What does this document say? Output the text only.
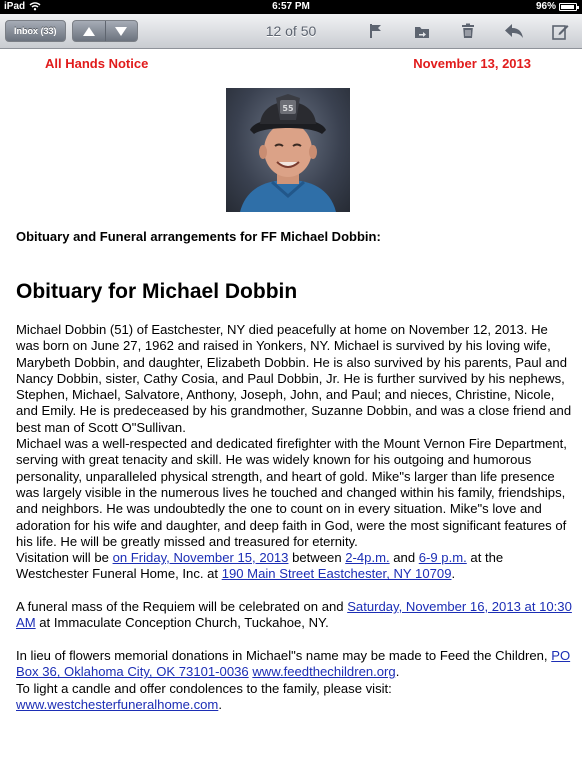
iPad	6:57 PM	96%
Inbox (33)	12 of 50
All Hands Notice	November 13, 2013
55
Obituary and Funeral arrangements for FF Michael Dobbin:
Obituary for Michael Dobbin

Michael Dobbin (51) of Eastchester, NY died peacefully at home on November 12, 2013. He was born on June 27, 1962 and raised in Yonkers, NY. Michael is survived by his loving wife, Marybeth Dobbin, and daughter, Elizabeth Dobbin. He is also survived by his parents, Paul and Nancy Dobbin, sister, Cathy Cosia, and Paul Dobbin, Jr. He is further survived by his nephews, Stephen, Michael, Salvatore, Anthony, Joseph, John, and Paul; and nieces, Christine, Nicole, and Emily. He is predeceased by his grandmother, Suzanne Dobbin, and was a close friend and best man of Scott O"Sullivan.

Michael was a well-respected and dedicated firefighter with the Mount Vernon Fire Department, serving with great tenacity and skill. He was widely known for his outgoing and humorous personality, unparalleled physical strength, and heart of gold. Mike"s larger than life presence was largely visible in the numerous lives he touched and changed within his family, friendships, and neighbors. He was undoubtedly the one to count on in every situation. Mike"s love and adoration for his wife and daughter, and deep faith in God, were the most significant features of his life. He will be greatly missed and treasured for eternity.

Visitation will be on Friday, November 15, 2013 between 2-4p.m. and 6-9 p.m. at the Westchester Funeral Home, Inc. at 190 Main Street Eastchester, NY 10709.

A funeral mass of the Requiem will be celebrated on and Saturday, November 16, 2013 at 10:30 AM at Immaculate Conception Church, Tuckahoe, NY.

In lieu of flowers memorial donations in Michael"s name may be made to Feed the Children, PO Box 36, Oklahoma City, OK 73101-0036 www.feedthechildren.org.
To light a candle and offer condolences to the family, please visit:
www.westchesterfuneralhome.com.
